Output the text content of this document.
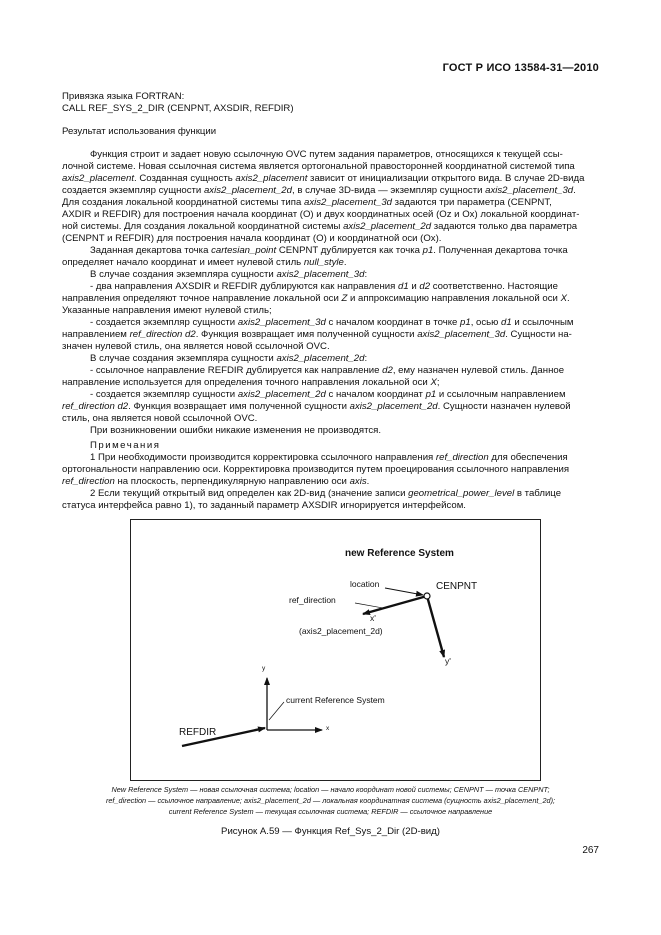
ГОСТ Р ИСО 13584-31—2010
Привязка языка FORTRAN:
CALL REF_SYS_2_DIR (CENPNT, AXSDIR, REFDIR)
Результат использования функции
Функция строит и задает новую ссылочную OVC путем задания параметров, относящихся к текущей ссы-
лочной системе. Новая ссылочная система является ортогональной правосторонней координатной системой типа
axis2_placement. Созданная сущность axis2_placement зависит от инициализации открытого вида. В случае 2D-вида
создается экземпляр сущности axis2_placement_2d, в случае 3D-вида — экземпляр сущности axis2_placement_3d.
Для создания локальной координатной системы типа axis2_placement_3d задаются три параметра (CENPNT,
AXDIR и REFDIR) для построения начала координат (О) и двух координатных осей (Oz и Ox) локальной координат-
ной системы. Для создания локальной координатной системы axis2_placement_2d задаются только два параметра
(CENPNT и REFDIR) для построения начала координат (О) и координатной оси (Ox).
Заданная декартова точка cartesian_point CENPNT дублируется как точка p1. Полученная декартова точка
определяет начало координат и имеет нулевой стиль null_style.
В случае создания экземпляра сущности axis2_placement_3d:
- два направления AXSDIR и REFDIR дублируются как направления d1 и d2 соответственно. Настоящие
направления определяют точное направление локальной оси Z и аппроксимацию направления локальной оси X.
Указанные направления имеют нулевой стиль;
- создается экземпляр сущности axis2_placement_3d с началом координат в точке p1, осью d1 и ссылочным
направлением ref_direction d2. Функция возвращает имя полученной сущности axis2_placement_3d. Сущности на-
значен нулевой стиль, она является новой ссылочной OVC.
В случае создания экземпляра сущности axis2_placement_2d:
- ссылочное направление REFDIR дублируется как направление d2, ему назначен нулевой стиль. Данное
направление используется для определения точного направления локальной оси X;
- создается экземпляр сущности axis2_placement_2d с началом координат p1 и ссылочным направлением
ref_direction d2. Функция возвращает имя полученной сущности axis2_placement_2d. Сущности назначен нулевой
стиль, она является новой ссылочной OVC.
При возникновении ошибки никакие изменения не производятся.
Примечания
1 При необходимости производится корректировка ссылочного направления ref_direction для обеспечения
ортогональности направлению оси. Корректировка производится путем проецирования ссылочного направления
ref_direction на плоскость, перпендикулярную направлению оси axis.
2 Если текущий открытый вид определен как 2D-вид (значение записи geometrical_power_level в таблице
статуса интерфейса равно 1), то заданный параметр AXSDIR игнорируется интерфейсом.
new Reference System
location	CENPNT
ref_direction
x'
(axis2_placement_2d)
y'
y
current Reference System
REFDIR	x
New Reference System — новая ссылочная система; location — начало координат новой системы; CENPNT — точка CENPNT;
ref_direction — ссылочное направление; axis2_placement_2d — локальная координатная система (сущность axis2_placement_2d);
current Reference System — текущая ссылочная система; REFDIR — ссылочное направление
Рисунок А.59 — Функция Ref_Sys_2_Dir (2D-вид)
267
